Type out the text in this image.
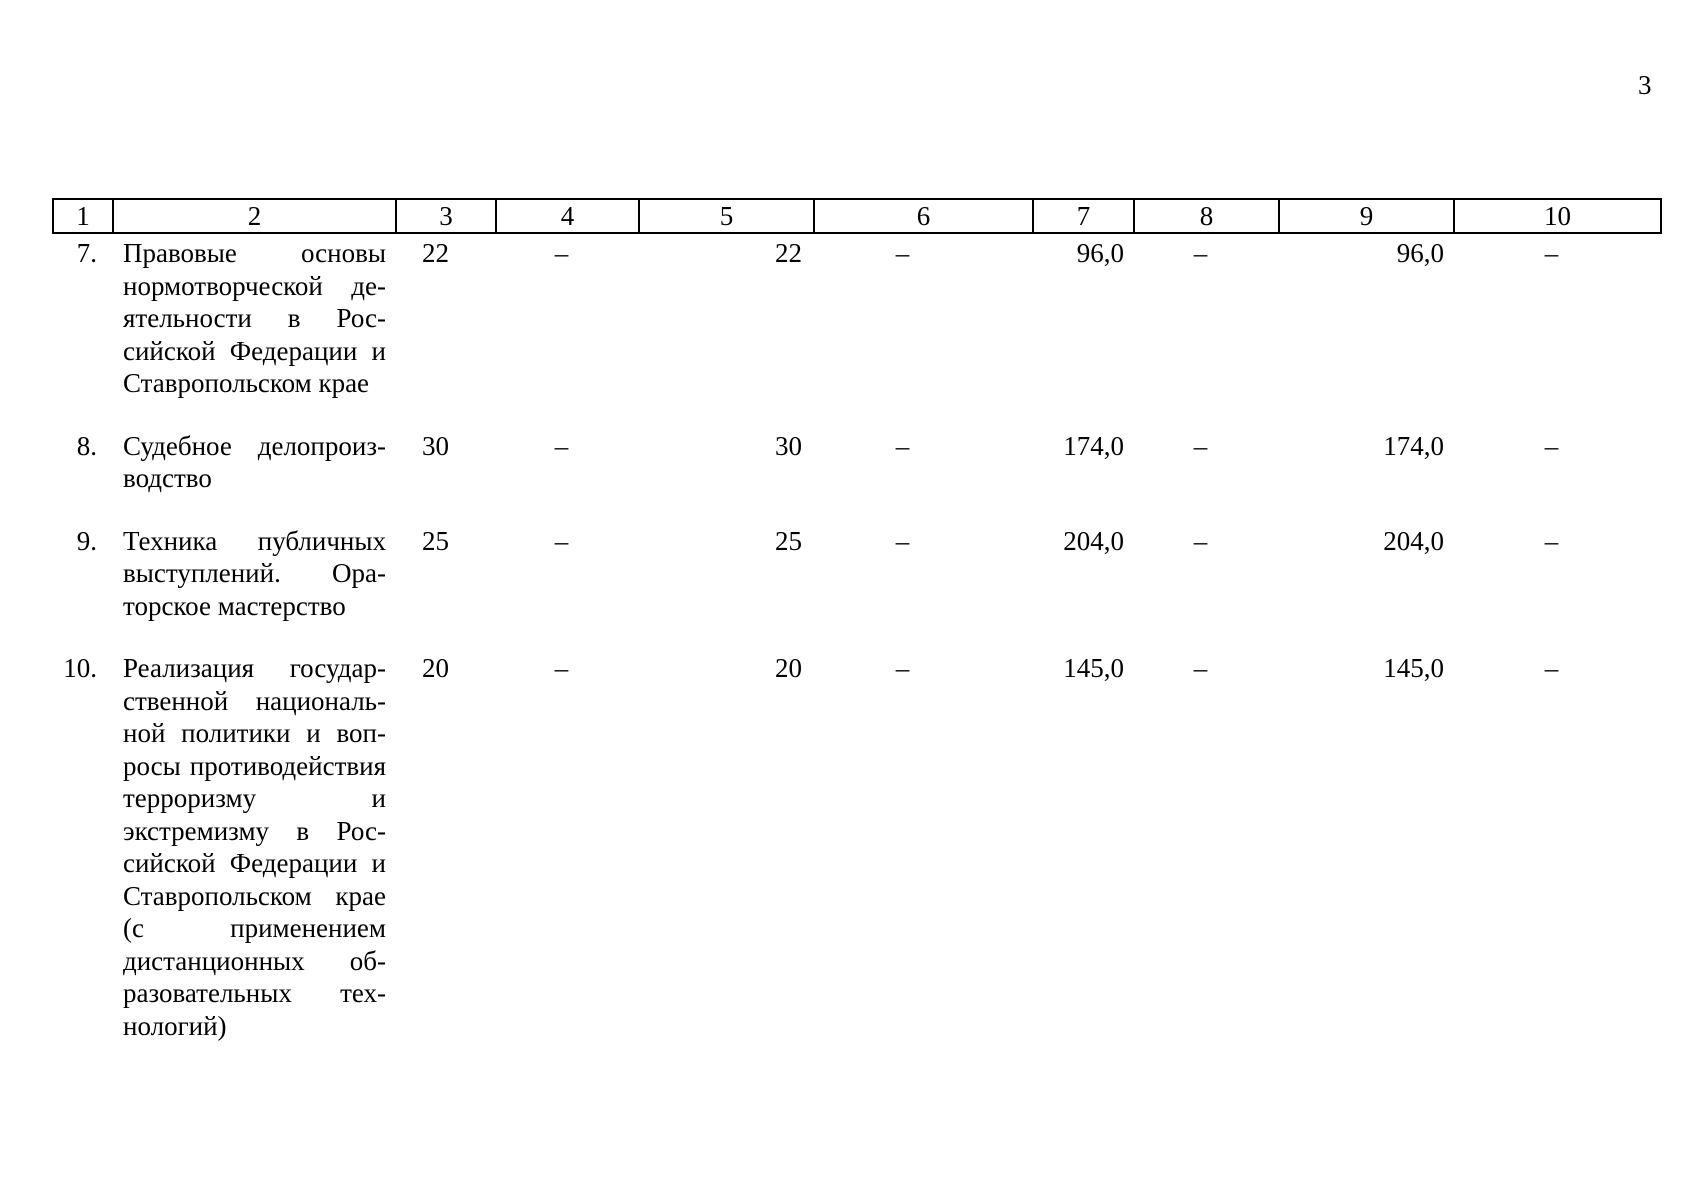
3
1	2	3	4	5	6	7	8	9	10
7.	Правовые основы нормотворческой деятельности в Российской Федерации и Ставропольском крае	22	–	22	–	96,0	–	96,0	–

8.	Судебное делопроизводство	30	–	30	–	174,0	–	174,0	–

9.	Техника публичных выступлений. Ораторское мастерство	25	–	25	–	204,0	–	204,0	–

10.	Реализация государственной национальной политики и вопросы противодействия терроризму и экстремизму в Российской Федерации и Ставропольском крае (с применением дистанционных образовательных технологий)	20	–	20	–	145,0	–	145,0	–
